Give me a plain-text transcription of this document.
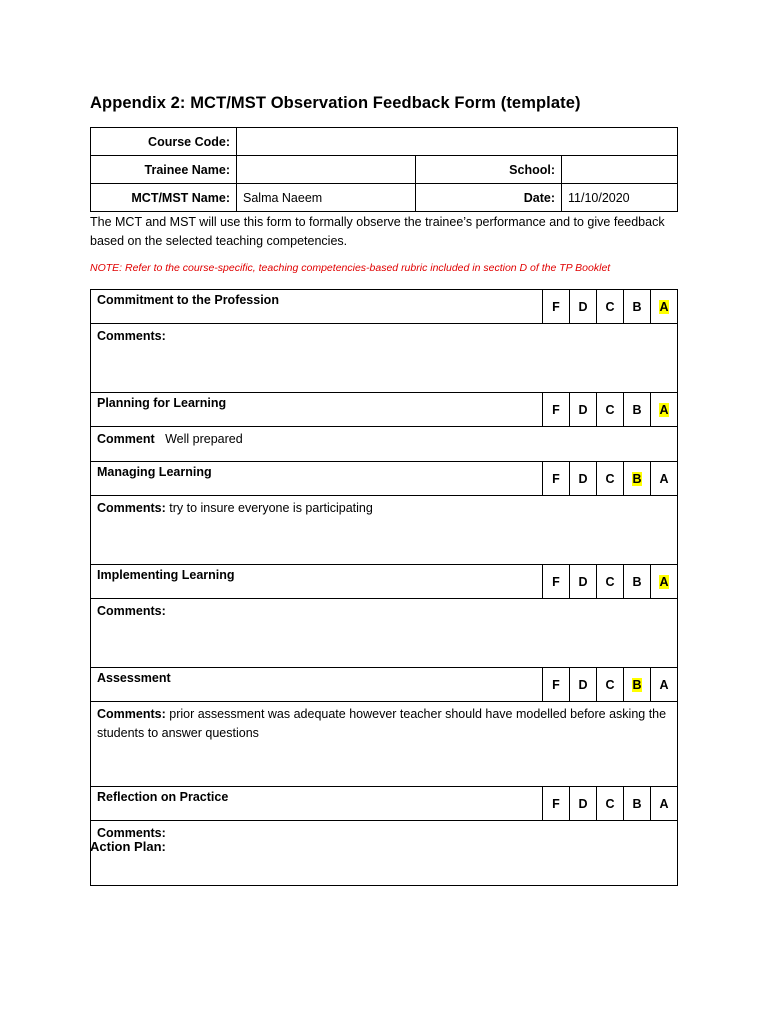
Appendix 2: MCT/MST Observation Feedback Form (template)
Course Code:			
Trainee Name:		School:	
MCT/MST Name:	Salma Naeem	Date:	11/10/2020
The MCT and MST will use this form to formally observe the trainee’s performance and to give feedback based on the selected teaching competencies.
NOTE: Refer to the course-specific, teaching competencies-based rubric included in section D of the TP Booklet
Commitment to the Profession	F	D	C	B	A
Comments:					
Planning for Learning	F	D	C	B	A
Comment Well prepared					
Managing Learning	F	D	C	B	A
Comments: try to insure everyone is participating					
Implementing Learning	F	D	C	B	A
Comments:					
Assessment	F	D	C	B	A
Comments: prior assessment was adequate however teacher should have modelled before asking the students to answer questions					
Reflection on Practice	F	D	C	B	A
Comments:					
Action Plan:
